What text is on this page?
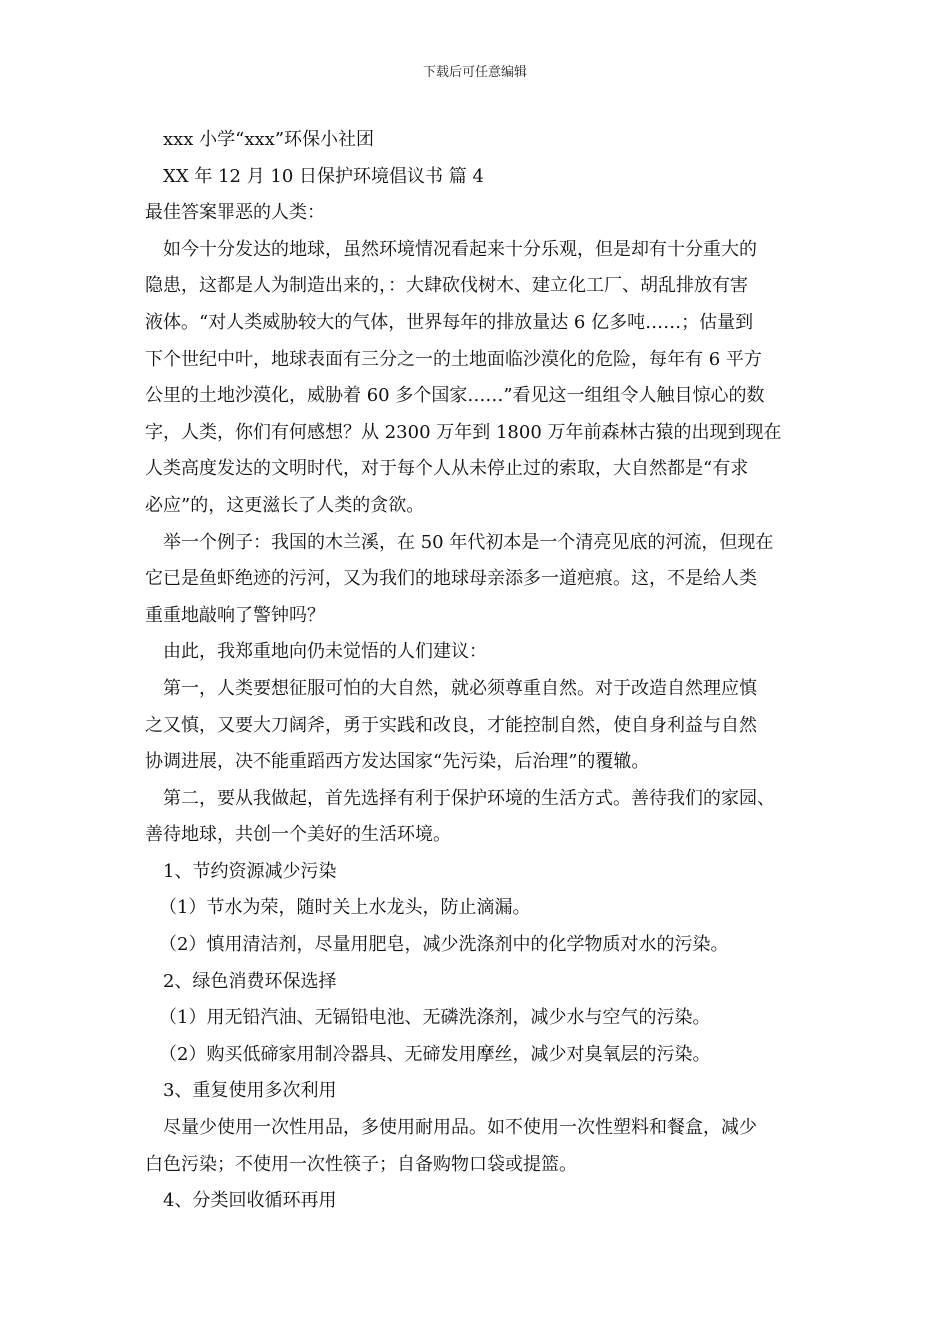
下载后可任意编辑
xxx 小学“xxx”环保小社团
XX 年 12 月 10 日保护环境倡议书 篇 4
最佳答案罪恶的人类：
如今十分发达的地球，虽然环境情况看起来十分乐观，但是却有十分重大的
隐患，这都是人为制造出来的，：大肆砍伐树木、建立化工厂、胡乱排放有害
液体。“对人类威胁较大的气体，世界每年的排放量达 6 亿多吨……；估量到
下个世纪中叶，地球表面有三分之一的土地面临沙漠化的危险，每年有 6 平方
公里的土地沙漠化，威胁着 60 多个国家……”看见这一组组令人触目惊心的数
字，人类，你们有何感想？从 2300 万年到 1800 万年前森林古猿的出现到现在
人类高度发达的文明时代，对于每个人从未停止过的索取，大自然都是“有求
必应”的，这更滋长了人类的贪欲。
举一个例子：我国的木兰溪，在 50 年代初本是一个清亮见底的河流，但现在
它已是鱼虾绝迹的污河，又为我们的地球母亲添多一道疤痕。这，不是给人类
重重地敲响了警钟吗？
由此，我郑重地向仍未觉悟的人们建议：
第一，人类要想征服可怕的大自然，就必须尊重自然。对于改造自然理应慎
之又慎，又要大刀阔斧，勇于实践和改良，才能控制自然，使自身利益与自然
协调进展，决不能重蹈西方发达国家“先污染，后治理”的覆辙。
第二，要从我做起，首先选择有利于保护环境的生活方式。善待我们的家园、
善待地球，共创一个美好的生活环境。
1、节约资源减少污染
（1）节水为荣，随时关上水龙头，防止滴漏。
（2）慎用清洁剂，尽量用肥皂，减少洗涤剂中的化学物质对水的污染。
2、绿色消费环保选择
（1）用无铅汽油、无镉铅电池、无磷洗涤剂，减少水与空气的污染。
（2）购买低碲家用制冷器具、无碲发用摩丝，减少对臭氧层的污染。
3、重复使用多次利用
尽量少使用一次性用品，多使用耐用品。如不使用一次性塑料和餐盒，减少
白色污染；不使用一次性筷子；自备购物口袋或提篮。
4、分类回收循环再用
